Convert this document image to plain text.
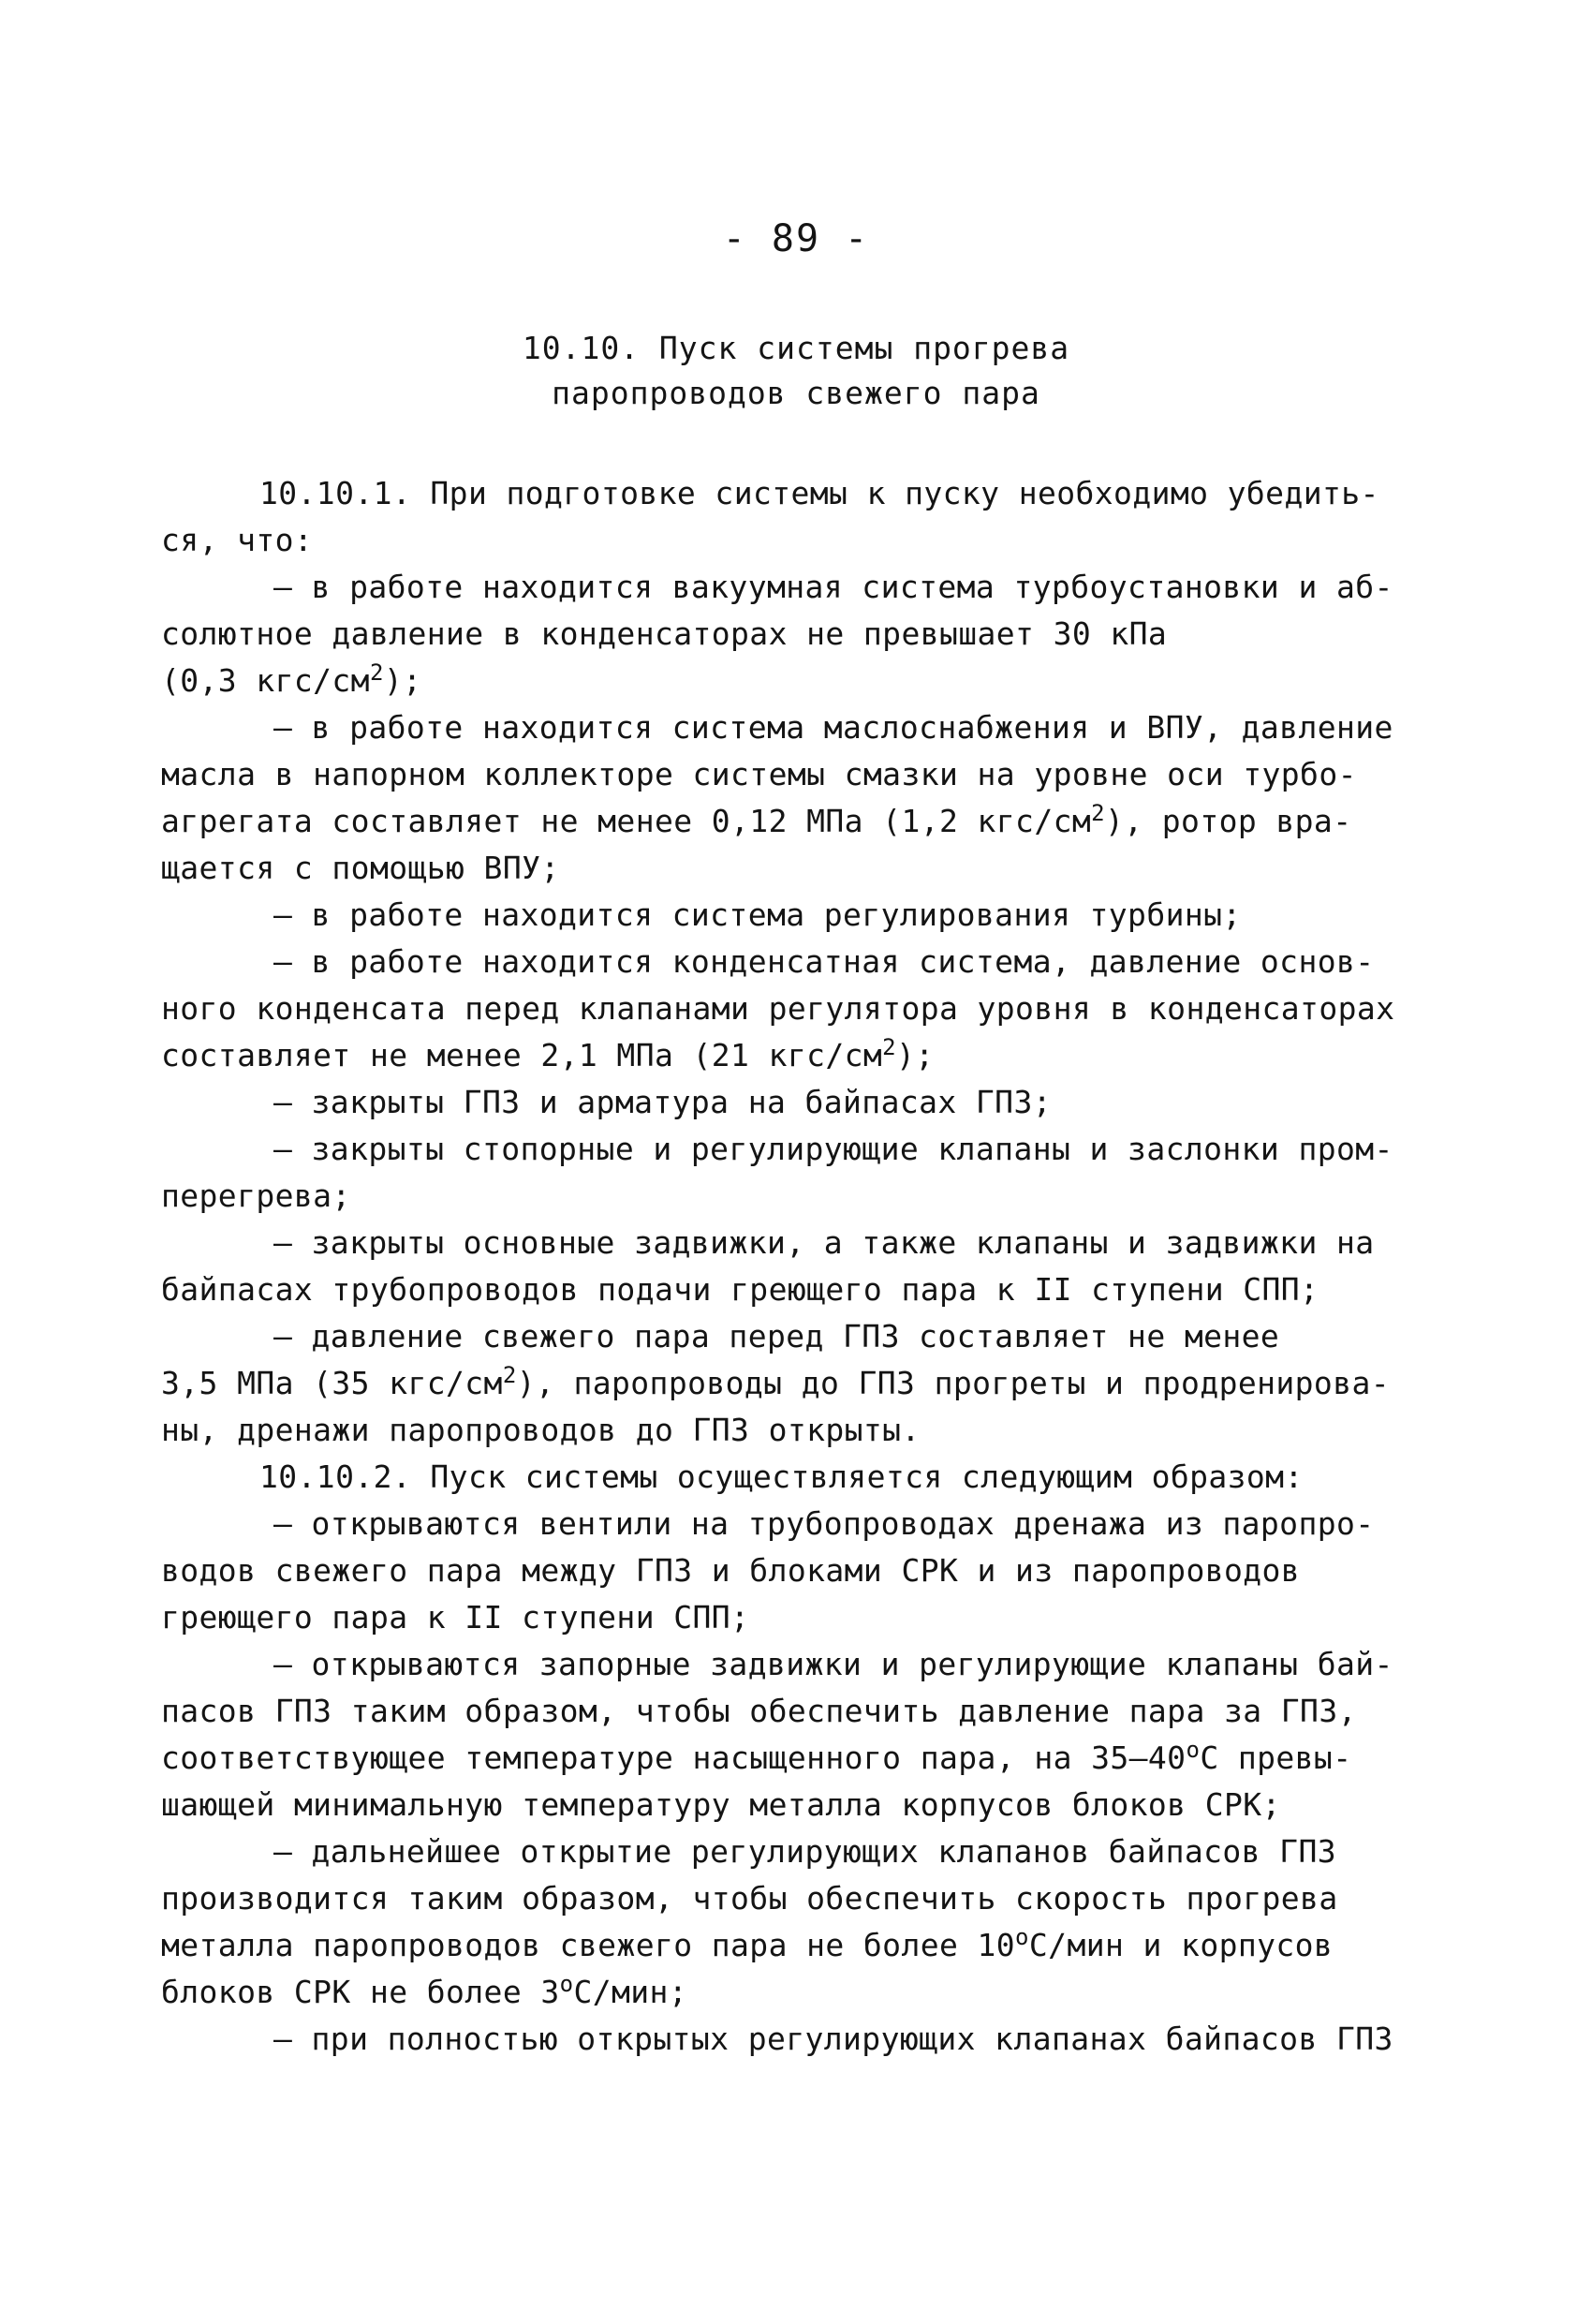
- 89 -
10.10. Пуск системы прогрева
паропроводов свежего пара
10.10.1. При подготовке системы к пуску необходимо убедить-
ся, что:
– в работе находится вакуумная система турбоустановки и аб-
солютное давление в конденсаторах не превышает 30 кПа
(0,3 кгс/$см^2$);
– в работе находится система маслоснабжения и ВПУ, давление
масла в напорном коллекторе системы смазки на уровне оси турбо-
агрегата составляет не менее 0,12 МПа (1,2 кгс/$см^2$), ротор вра-
щается с помощью ВПУ;
– в работе находится система регулирования турбины;
– в работе находится конденсатная система, давление основ-
ного конденсата перед клапанами регулятора уровня в конденсаторах
составляет не менее 2,1 МПа (21 кгс/$см^2$);
– закрыты ГПЗ и арматура на байпасах ГПЗ;
– закрыты стопорные и регулирующие клапаны и заслонки пром-
перегрева;
– закрыты основные задвижки, а также клапаны и задвижки на
байпасах трубопроводов подачи греющего пара к II ступени СПП;
– давление свежего пара перед ГПЗ составляет не менее
3,5 МПа (35 кгс/$см^2$), паропроводы до ГПЗ прогреты и продренирова-
ны, дренажи паропроводов до ГПЗ открыты.
10.10.2. Пуск системы осуществляется следующим образом:
– открываются вентили на трубопроводах дренажа из паропро-
водов свежего пара между ГПЗ и блоками СРК и из паропроводов
греющего пара к II ступени СПП;
– открываются запорные задвижки и регулирующие клапаны бай-
пасов ГПЗ таким образом, чтобы обеспечить давление пара за ГПЗ,
соответствующее температуре насыщенного пара, на $35-40^оС$ превы-
шающей минимальную температуру металла корпусов блоков СРК;
– дальнейшее открытие регулирующих клапанов байпасов ГПЗ
производится таким образом, чтобы обеспечить скорость прогрева
металла паропроводов свежего пара не более $10^оС$/мин и корпусов
блоков СРК не более $3^оС$/мин;
– при полностью открытых регулирующих клапанах байпасов ГПЗ
